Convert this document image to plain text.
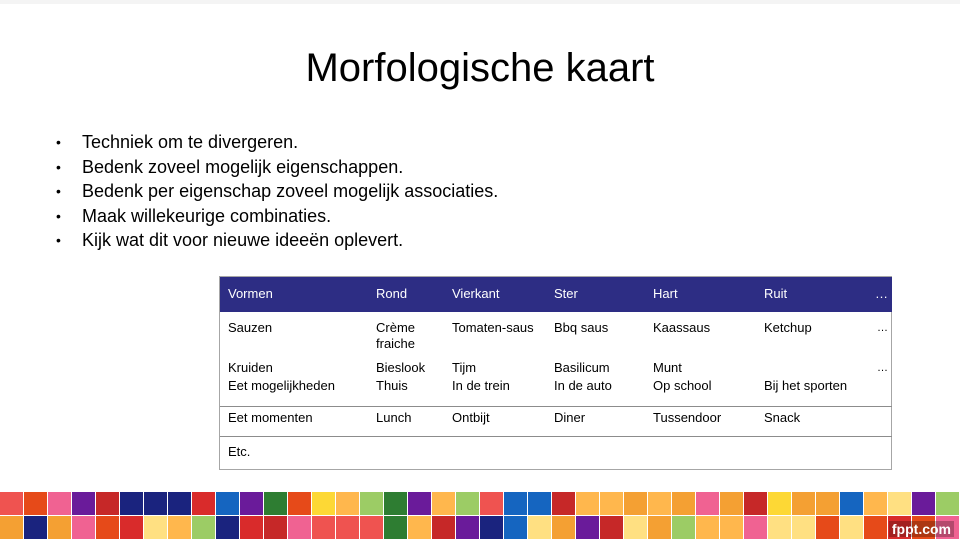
Morfologische kaart
• Techniek om te divergeren.
• Bedenk zoveel mogelijk eigenschappen.
• Bedenk per eigenschap zoveel mogelijk associaties.
• Maak willekeurige combinaties.
• Kijk wat dit voor nieuwe ideeën oplevert.
Vormen	Rond	Vierkant	Ster	Hart	Ruit	…
Sauzen	Crème fraiche	Tomaten-saus	Bbq saus	Kaassaus	Ketchup	…
Kruiden	Bieslook	Tijm	Basilicum	Munt		…
Eet mogelijkheden	Thuis	In de trein	In de auto	Op school	Bij het sporten	
Eet momenten	Lunch	Ontbijt	Diner	Tussendoor	Snack	
Etc.						
fppt.com
